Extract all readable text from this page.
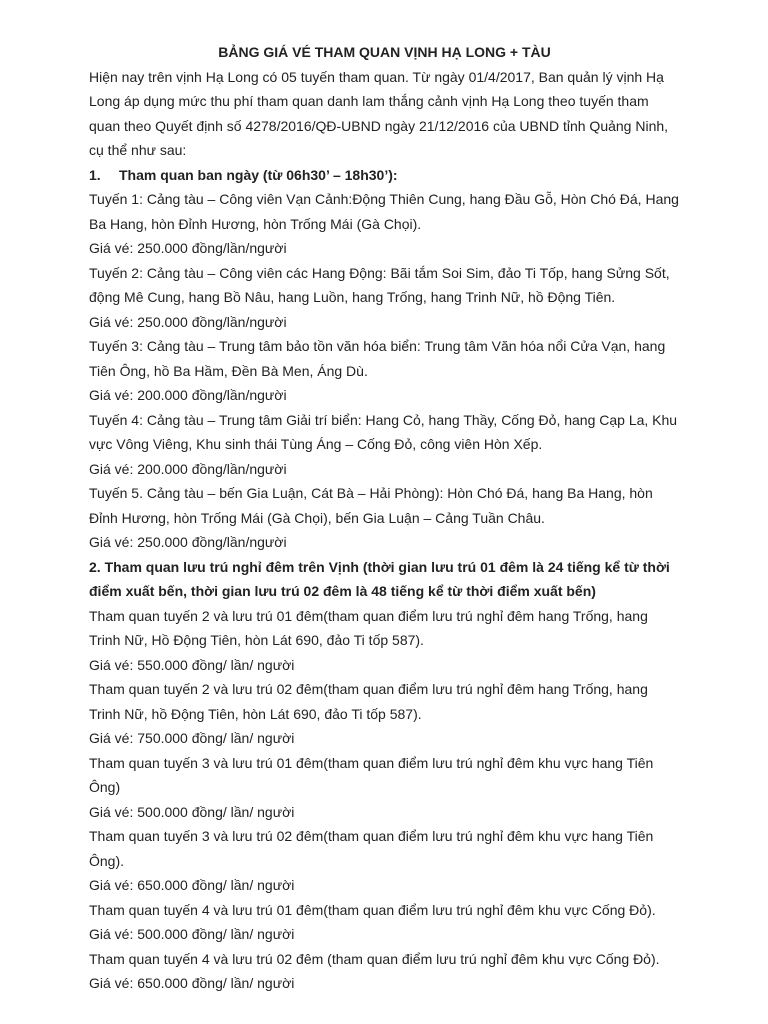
BẢNG GIÁ VÉ THAM QUAN VỊNH HẠ LONG + TÀU

Hiện nay trên vịnh Hạ Long có 05 tuyến tham quan. Từ ngày 01/4/2017, Ban quản lý vịnh Hạ Long áp dụng mức thu phí tham quan danh lam thắng cảnh vịnh Hạ Long theo tuyến tham quan theo Quyết định số 4278/2016/QĐ-UBND ngày 21/12/2016 của UBND tỉnh Quảng Ninh, cụ thể như sau:

1. Tham quan ban ngày (từ 06h30’ – 18h30’):

Tuyến 1: Cảng tàu – Công viên Vạn Cảnh:Động Thiên Cung, hang Đầu Gỗ, Hòn Chó Đá, Hang Ba Hang, hòn Đỉnh Hương, hòn Trống Mái (Gà Chọi).

Giá vé: 250.000 đồng/lần/người

Tuyến 2: Cảng tàu – Công viên các Hang Động: Bãi tắm Soi Sim, đảo Ti Tốp, hang Sửng Sốt, động Mê Cung, hang Bồ Nâu, hang Luồn, hang Trống, hang Trinh Nữ, hồ Động Tiên.

Giá vé: 250.000 đồng/lần/người

Tuyến 3: Cảng tàu – Trung tâm bảo tồn văn hóa biển: Trung tâm Văn hóa nổi Cửa Vạn, hang Tiên Ông, hồ Ba Hầm, Đền Bà Men, Áng Dù.

Giá vé: 200.000 đồng/lần/người

Tuyến 4: Cảng tàu – Trung tâm Giải trí biển: Hang Cỏ, hang Thầy, Cống Đỏ, hang Cạp La, Khu vực Vông Viêng, Khu sinh thái Tùng Áng – Cống Đỏ, công viên Hòn Xếp.

Giá vé: 200.000 đồng/lần/người

Tuyến 5. Cảng tàu – bến Gia Luận, Cát Bà – Hải Phòng): Hòn Chó Đá, hang Ba Hang, hòn Đỉnh Hương, hòn Trống Mái (Gà Chọi), bến Gia Luận – Cảng Tuần Châu.

Giá vé: 250.000 đồng/lần/người

2. Tham quan lưu trú nghỉ đêm trên Vịnh (thời gian lưu trú 01 đêm là 24 tiếng kể từ thời điểm xuất bến, thời gian lưu trú 02 đêm là 48 tiếng kể từ thời điểm xuất bến)

Tham quan tuyến 2 và lưu trú 01 đêm(tham quan điểm lưu trú nghỉ đêm hang Trống, hang Trinh Nữ, Hồ Động Tiên, hòn Lát 690, đảo Ti tốp 587).

Giá vé: 550.000 đồng/ lần/ người

Tham quan tuyến 2 và lưu trú 02 đêm(tham quan điểm lưu trú nghỉ đêm hang Trống, hang Trinh Nữ, hồ Động Tiên, hòn Lát 690, đảo Ti tốp 587).

Giá vé: 750.000 đồng/ lần/ người

Tham quan tuyến 3 và lưu trú 01 đêm(tham quan điểm lưu trú nghỉ đêm khu vực hang Tiên Ông)

Giá vé: 500.000 đồng/ lần/ người

Tham quan tuyến 3 và lưu trú 02 đêm(tham quan điểm lưu trú nghỉ đêm khu vực hang Tiên Ông).

Giá vé: 650.000 đồng/ lần/ người

Tham quan tuyến 4 và lưu trú 01 đêm(tham quan điểm lưu trú nghỉ đêm khu vực Cống Đỏ).

Giá vé: 500.000 đồng/ lần/ người

Tham quan tuyến 4 và lưu trú 02 đêm (tham quan điểm lưu trú nghỉ đêm khu vực Cống Đỏ).

Giá vé: 650.000 đồng/ lần/ người
